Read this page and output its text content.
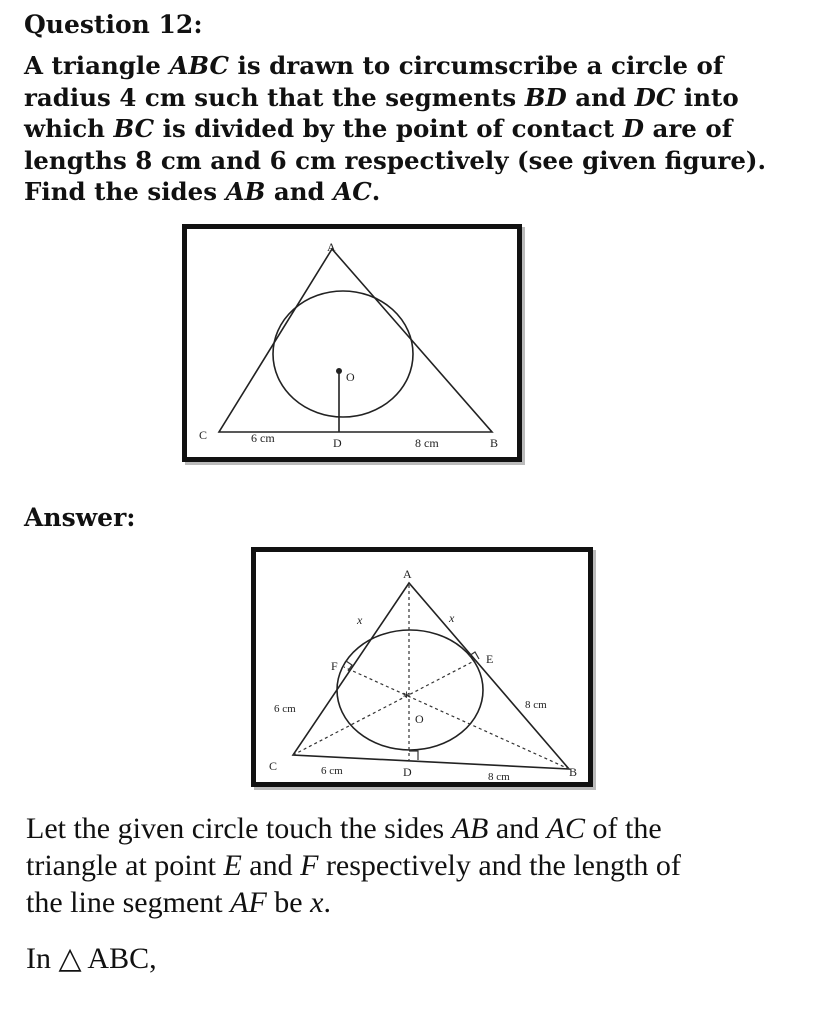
Question 12:

A triangle ABC is drawn to circumscribe a circle of

radius 4 cm such that the segments BD and DC into

which BC is divided by the point of contact D are of

lengths 8 cm and 6 cm respectively (see given figure).

Find the sides AB and AC.

A
B
C
D
O
6 cm	8 cm
Answer:
*
A
B
C	D
E
F
O
x	x
6 cm	8 cm
6 cm	8 cm

Let the given circle touch the sides AB and AC of the

triangle at point E and F respectively and the length of

the line segment AF be x.

In △ ABC,
